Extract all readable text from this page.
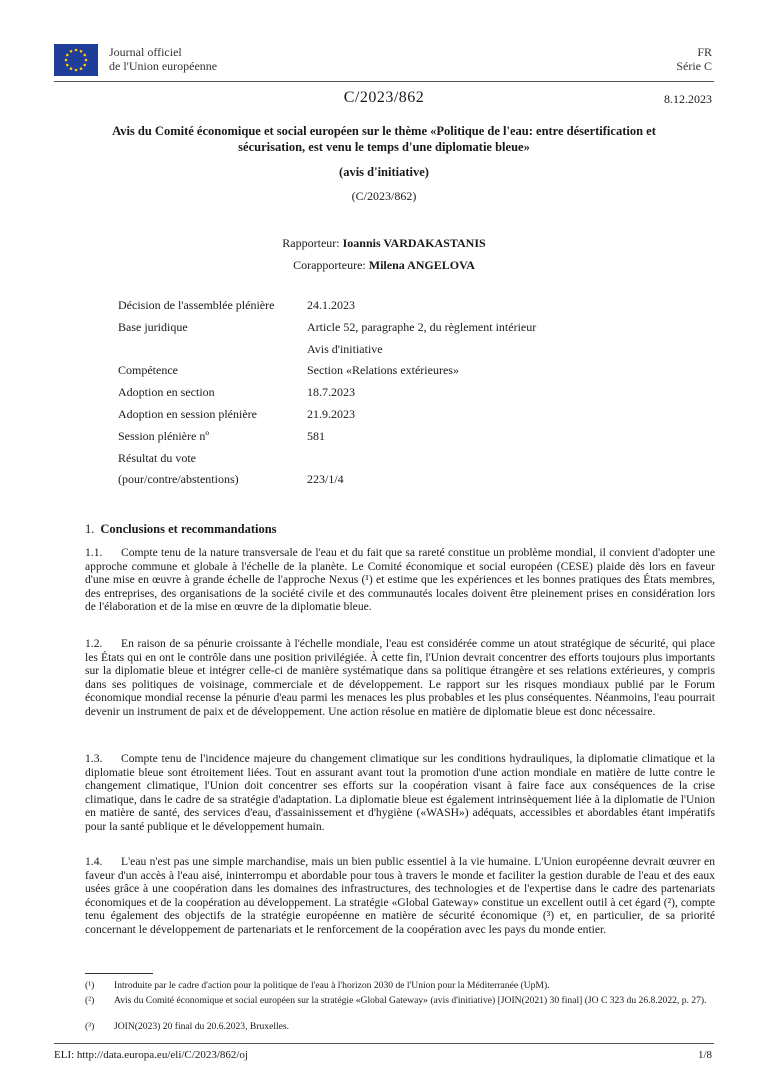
Journal officiel
de l'Union européenne
FR
Série C
C/2023/862	8.12.2023
Avis du Comité économique et social européen sur le thème «Politique de l'eau: entre désertification et sécurisation, est venu le temps d'une diplomatie bleue»
(avis d'initiative)
(C/2023/862)
Rapporteur: Ioannis VARDAKASTANIS
Corapporteure: Milena ANGELOVA
Décision de l'assemblée plénière	24.1.2023
Base juridique	Article 52, paragraphe 2, du règlement intérieur
Avis d'initiative
Compétence	Section «Relations extérieures»
Adoption en section	18.7.2023
Adoption en session plénière	21.9.2023
Session plénière nº	581
Résultat du vote
(pour/contre/abstentions)	223/1/4
1. Conclusions et recommandations
1.1. Compte tenu de la nature transversale de l'eau et du fait que sa rareté constitue un problème mondial, il convient d'adopter une approche commune et globale à l'échelle de la planète. Le Comité économique et social européen (CESE) plaide dès lors en faveur d'une mise en œuvre à grande échelle de l'approche Nexus (¹) et estime que les expériences et les bonnes pratiques des États membres, des entreprises, des organisations de la société civile et des communautés locales doivent être pleinement prises en considération lors de l'élaboration et de la mise en œuvre de la diplomatie bleue.
1.2. En raison de sa pénurie croissante à l'échelle mondiale, l'eau est considérée comme un atout stratégique de sécurité, qui place les États qui en ont le contrôle dans une position privilégiée. À cette fin, l'Union devrait concentrer des efforts toujours plus importants sur la diplomatie bleue et intégrer celle-ci de manière systématique dans sa politique étrangère et ses relations extérieures, y compris dans ses politiques de voisinage, commerciale et de développement. Le rapport sur les risques mondiaux publié par le Forum économique mondial recense la pénurie d'eau parmi les menaces les plus probables et les plus conséquentes. Néanmoins, l'eau pourrait devenir un instrument de paix et de développement. Une action résolue en matière de diplomatie bleue est donc nécessaire.
1.3. Compte tenu de l'incidence majeure du changement climatique sur les conditions hydrauliques, la diplomatie climatique et la diplomatie bleue sont étroitement liées. Tout en assurant avant tout la promotion d'une action mondiale en matière de lutte contre le changement climatique, l'Union doit concentrer ses efforts sur la coopération visant à faire face aux conséquences de la crise climatique, dans le cadre de sa stratégie d'adaptation. La diplomatie bleue est également intrinsèquement liée à la diplomatie de l'Union en matière de santé, des services d'eau, d'assainissement et d'hygiène («WASH») adéquats, accessibles et abordables étant impératifs pour la santé publique et le développement humain.
1.4. L'eau n'est pas une simple marchandise, mais un bien public essentiel à la vie humaine. L'Union européenne devrait œuvrer en faveur d'un accès à l'eau aisé, ininterrompu et abordable pour tous à travers le monde et faciliter la gestion durable de l'eau et des eaux usées grâce à une coopération dans les domaines des infrastructures, des technologies et de l'expertise dans le cadre des partenariats économiques et de la coopération au développement. La stratégie «Global Gateway» constitue un excellent outil à cet égard (²), compte tenu également des objectifs de la stratégie européenne en matière de sécurité économique (³) et, en particulier, de sa priorité concernant le développement de partenariats et le renforcement de la coopération avec les pays du monde entier.
(¹) Introduite par le cadre d'action pour la politique de l'eau à l'horizon 2030 de l'Union pour la Méditerranée (UpM).
(²) Avis du Comité économique et social européen sur la stratégie «Global Gateway» (avis d'initiative) [JOIN(2021) 30 final] (JO C 323 du 26.8.2022, p. 27).
(³) JOIN(2023) 20 final du 20.6.2023, Bruxelles.
ELI: http://data.europa.eu/eli/C/2023/862/oj	1/8
